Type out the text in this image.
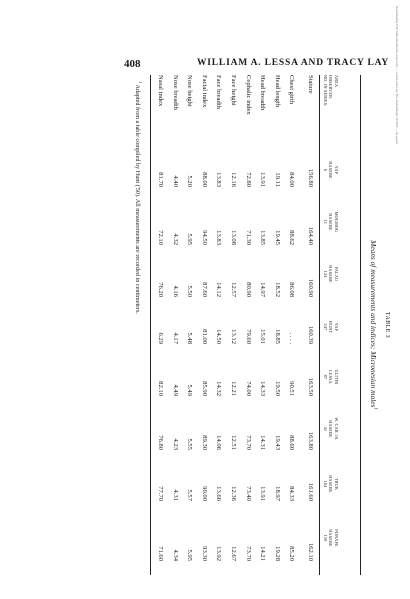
408	WILLIAM A. LESSA AND TRACY LAY Downloaded from https://academic.oup.com/ — Lessa and Lay, The Somatology of Ulithi — by guest
TABLE 3
Means of measurements and indices; Micronesian males$^1$
AREA
OBSERVER:
NO. IN SERIES:
YAP
HASEBE
6
MOGMOG
HASEBE
11
PALAU
HASEBE
124
YAP
HUNT
247
ULITHI
LESSA
87
W. CAR. IS.
HASEBE
41
TRUK
HASEBE
164
PONAPE
HASEBE
150
Stature
156.80
164.40
160.90
160.39
163.50
163.80
161.60
162.10
Chest girth
84.00
88.62
86.08
. . . .
90.51
88.60
84.33
85.20
Head length
19.11
19.45
18.52
18.85
19.50
19.43
18.97
19.28
Head breadth
13.91
13.85
14.97
15.01
14.33
14.31
13.91
14.21
Cephalic index
72.80
71.30
80.90
79.60
74.00
73.70
73.40
73.70
Face height
12.16
13.08
12.57
13.12
12.21
12.51
12.36
12.67
Face breadth
13.83
13.83
14.12
14.50
14.32
14.06
13.66
13.92
Facial index
88.00
94.50
87.60
81.00
85.90
89.30
90.00
93.30
Nose height
5.20
5.95
5.50
5.48
5.49
5.55
5.57
5.95
Nose breadth
4.40
4.32
4.16
4.17
4.49
4.23
4.31
4.34
Nasal index
81.70
72.10
76.20
6.29
82.10
76.80
77.70
71.60
$^1$ Adapted from a table compiled by Hunt ('50). All measurements are recorded in centimeters.
